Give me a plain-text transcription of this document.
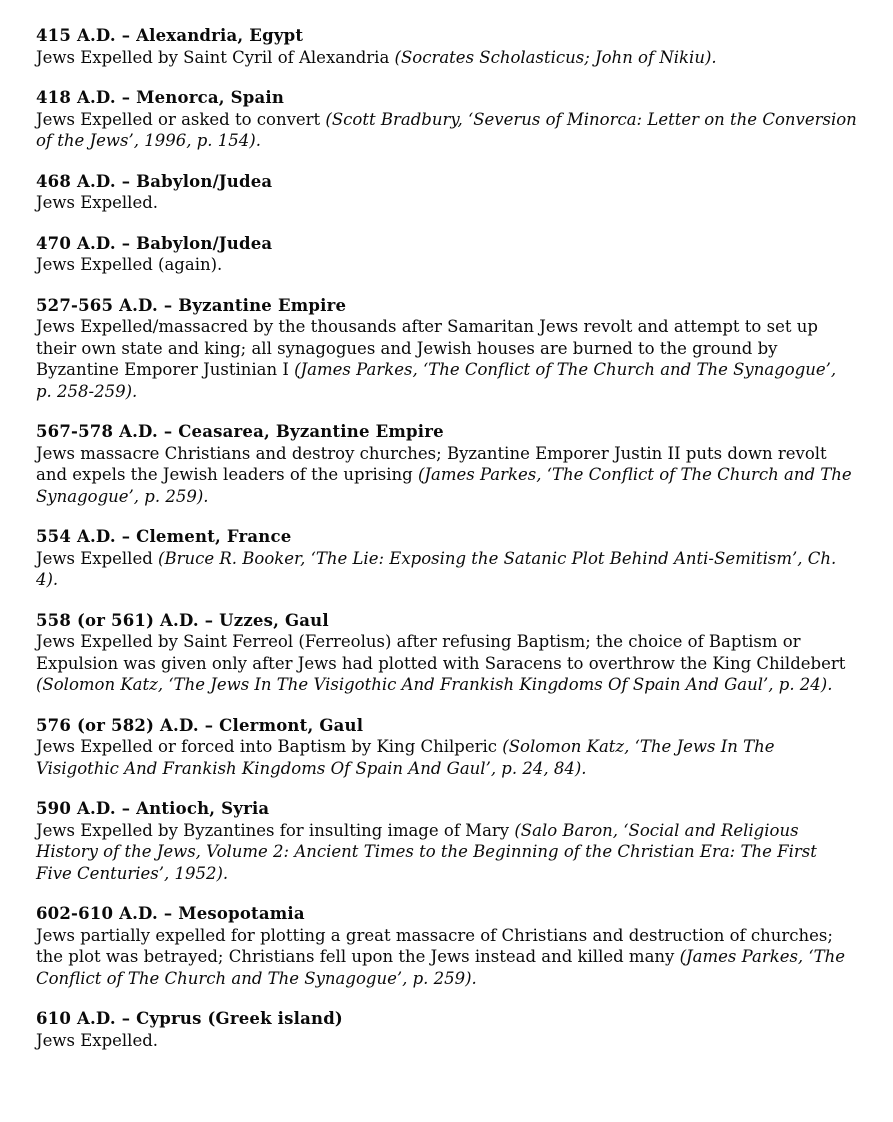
415 A.D. – Alexandria, Egypt

Jews Expelled by Saint Cyril of Alexandria (Socrates Scholasticus; John of Nikiu).

418 A.D. – Menorca, Spain

Jews Expelled or asked to convert (Scott Bradbury, ‘Severus of Minorca: Letter on the Conversion of the Jews’, 1996, p. 154).

468 A.D. – Babylon/Judea

Jews Expelled.

470 A.D. – Babylon/Judea

Jews Expelled (again).

527-565 A.D. – Byzantine Empire

Jews Expelled/massacred by the thousands after Samaritan Jews revolt and attempt to set up their own state and king; all synagogues and Jewish houses are burned to the ground by Byzantine Emporer Justinian I (James Parkes, ‘The Conflict of The Church and The Synagogue’, p. 258-259).

567-578 A.D. – Ceasarea, Byzantine Empire

Jews massacre Christians and destroy churches; Byzantine Emporer Justin II puts down revolt and expels the Jewish leaders of the uprising (James Parkes, ‘The Conflict of The Church and The Synagogue’, p. 259).

554 A.D. – Clement, France

Jews Expelled (Bruce R. Booker, ‘The Lie: Exposing the Satanic Plot Behind Anti-Semitism’, Ch. 4).

558 (or 561) A.D. – Uzzes, Gaul

Jews Expelled by Saint Ferreol (Ferreolus) after refusing Baptism; the choice of Baptism or Expulsion was given only after Jews had plotted with Saracens to overthrow the King Childebert (Solomon Katz, ‘The Jews In The Visigothic And Frankish Kingdoms Of Spain And Gaul’, p. 24).

576 (or 582) A.D. – Clermont, Gaul

Jews Expelled or forced into Baptism by King Chilperic (Solomon Katz, ‘The Jews In The Visigothic And Frankish Kingdoms Of Spain And Gaul’, p. 24, 84).

590 A.D. – Antioch, Syria

Jews Expelled by Byzantines for insulting image of Mary (Salo Baron, ‘Social and Religious History of the Jews, Volume 2: Ancient Times to the Beginning of the Christian Era: The First Five Centuries’, 1952).

602-610 A.D. – Mesopotamia

Jews partially expelled for plotting a great massacre of Christians and destruction of churches; the plot was betrayed; Christians fell upon the Jews instead and killed many (James Parkes, ‘The Conflict of The Church and The Synagogue’, p. 259).

610 A.D. – Cyprus (Greek island)

Jews Expelled.
